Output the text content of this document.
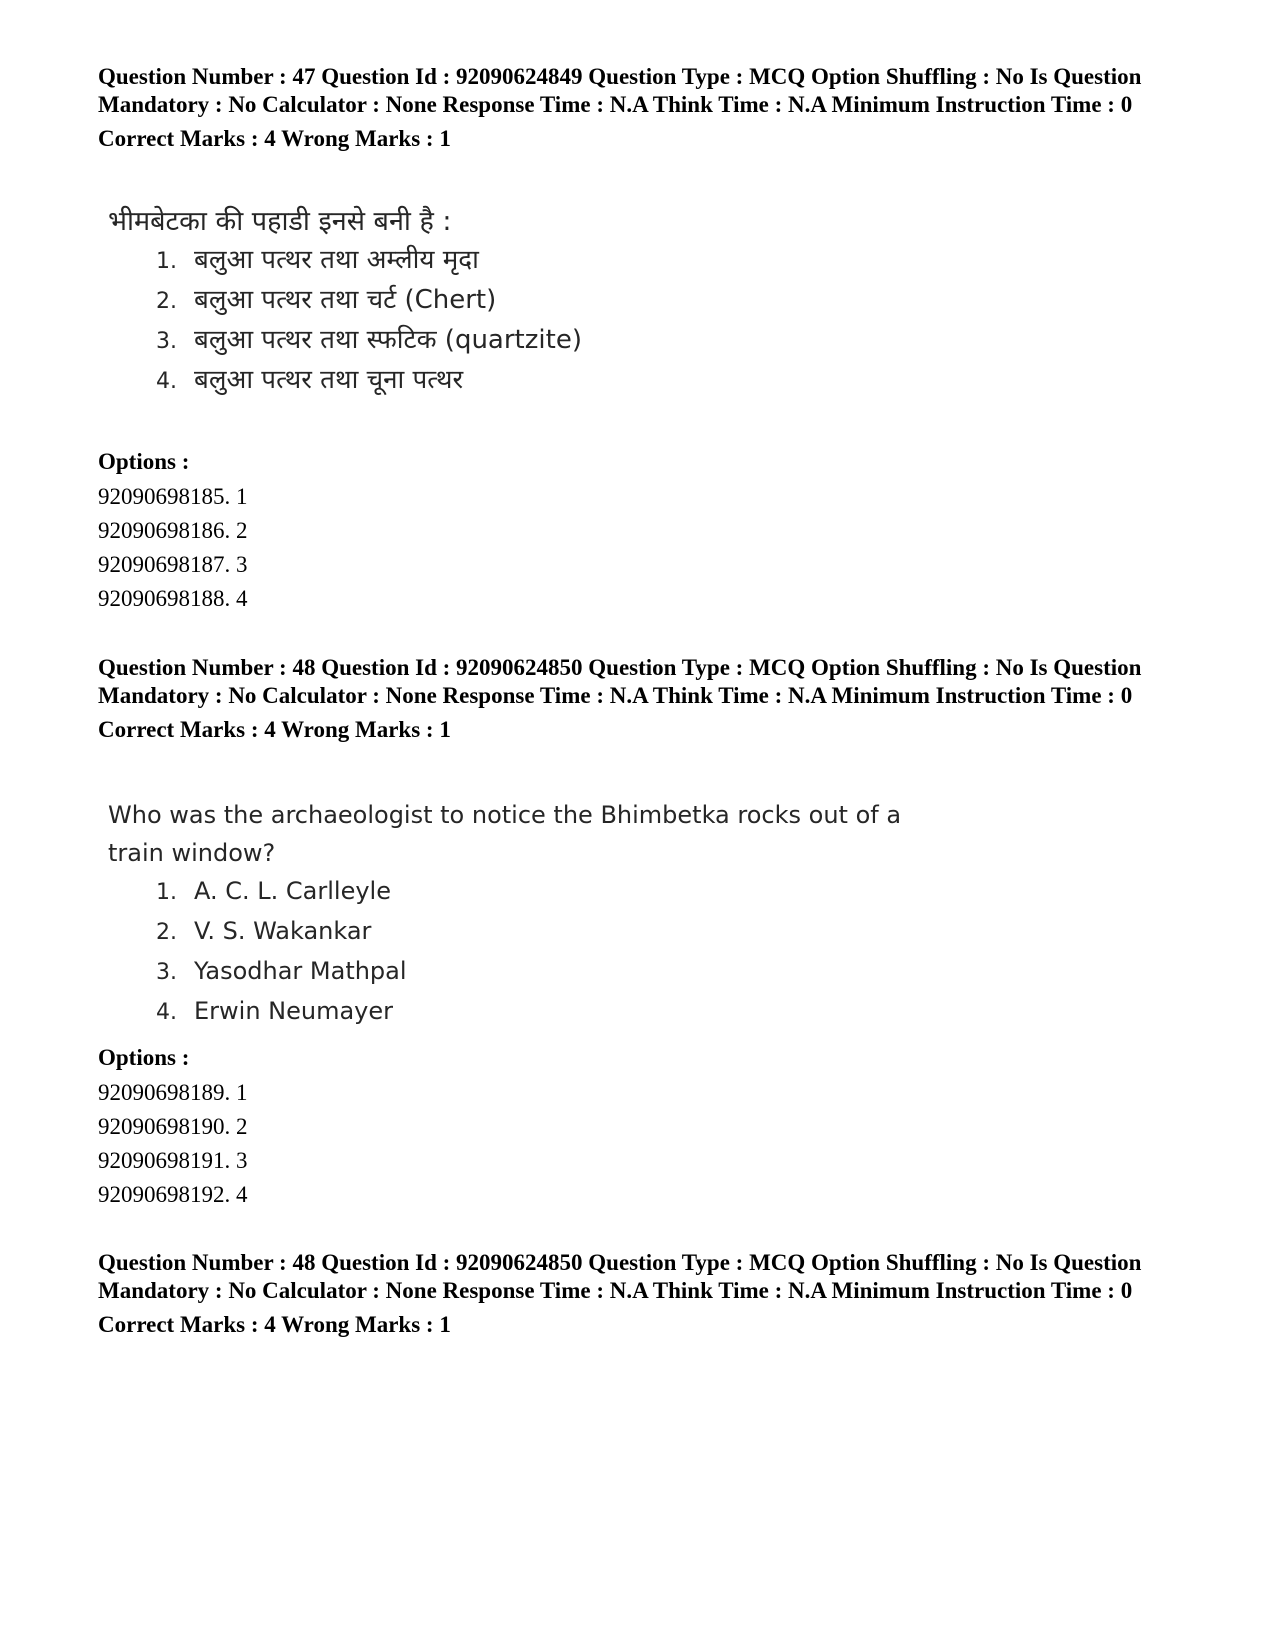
Question Number : 47 Question Id : 92090624849 Question Type : MCQ Option Shuffling : No Is Question Mandatory : No Calculator : None Response Time : N.A Think Time : N.A Minimum Instruction Time : 0

Correct Marks : 4 Wrong Marks : 1

भीमबेटका की पहाडी इनसे बनी है :

1. बलुआ पत्थर तथा अम्लीय मृदा
2. बलुआ पत्थर तथा चर्ट (Chert)
3. बलुआ पत्थर तथा स्फटिक (quartzite)
4. बलुआ पत्थर तथा चूना पत्थर

Options :

92090698185. 1

92090698186. 2

92090698187. 3

92090698188. 4

Question Number : 48 Question Id : 92090624850 Question Type : MCQ Option Shuffling : No Is Question Mandatory : No Calculator : None Response Time : N.A Think Time : N.A Minimum Instruction Time : 0

Correct Marks : 4 Wrong Marks : 1

Who was the archaeologist to notice the Bhimbetka rocks out of a train window?

1. A. C. L. Carlleyle
2. V. S. Wakankar
3. Yasodhar Mathpal
4. Erwin Neumayer

Options :

92090698189. 1

92090698190. 2

92090698191. 3

92090698192. 4

Question Number : 48 Question Id : 92090624850 Question Type : MCQ Option Shuffling : No Is Question Mandatory : No Calculator : None Response Time : N.A Think Time : N.A Minimum Instruction Time : 0

Correct Marks : 4 Wrong Marks : 1
